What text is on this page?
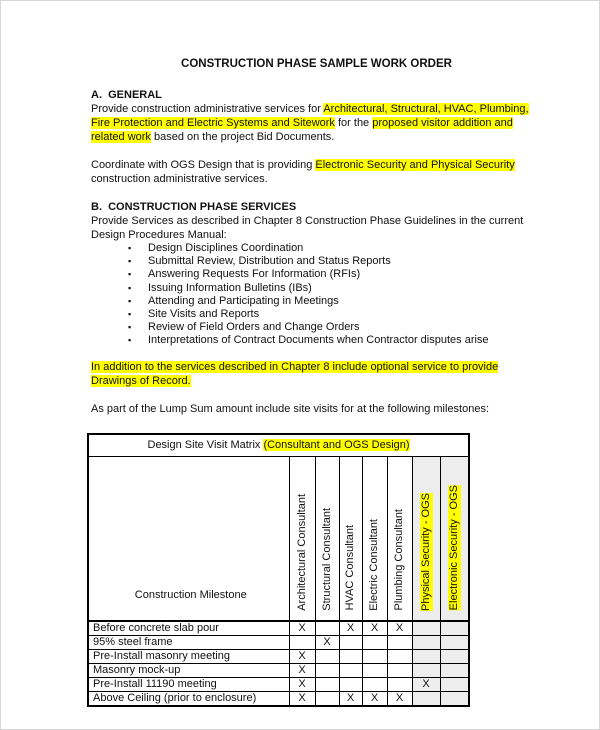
CONSTRUCTION PHASE SAMPLE WORK ORDER
A.  GENERAL

Provide construction administrative services for Architectural, Structural, HVAC, Plumbing, Fire Protection and Electric Systems and Sitework for the proposed visitor addition and related work based on the project Bid Documents.

Coordinate with OGS Design that is providing Electronic Security and Physical Security construction administrative services.

B.  CONSTRUCTION PHASE SERVICES

Provide Services as described in Chapter 8 Construction Phase Guidelines in the current Design Procedures Manual:

▪ Design Disciplines Coordination
▪ Submittal Review, Distribution and Status Reports
▪ Answering Requests For Information (RFIs)
▪ Issuing Information Bulletins (IBs)
▪ Attending and Participating in Meetings
▪ Site Visits and Reports
▪ Review of Field Orders and Change Orders
▪ Interpretations of Contract Documents when Contractor disputes arise

In addition to the services described in Chapter 8 include optional service to provide Drawings of Record.

As part of the Lump Sum amount include site visits for at the following milestones:

Design Site Visit Matrix (Consultant and OGS Design)							
Construction Milestone	Architectural Consultant	Structural Consultant	HVAC Consultant	Electric Consultant	Plumbing Consultant	Physical Security - OGS	Electronic Security - OGS
Before concrete slab pour	X		X	X	X		
95% steel frame		X					
Pre-Install masonry meeting	X						
Masonry mock-up	X						
Pre-Install 11190 meeting	X					X	
Above Ceiling (prior to enclosure)	X		X	X	X		
